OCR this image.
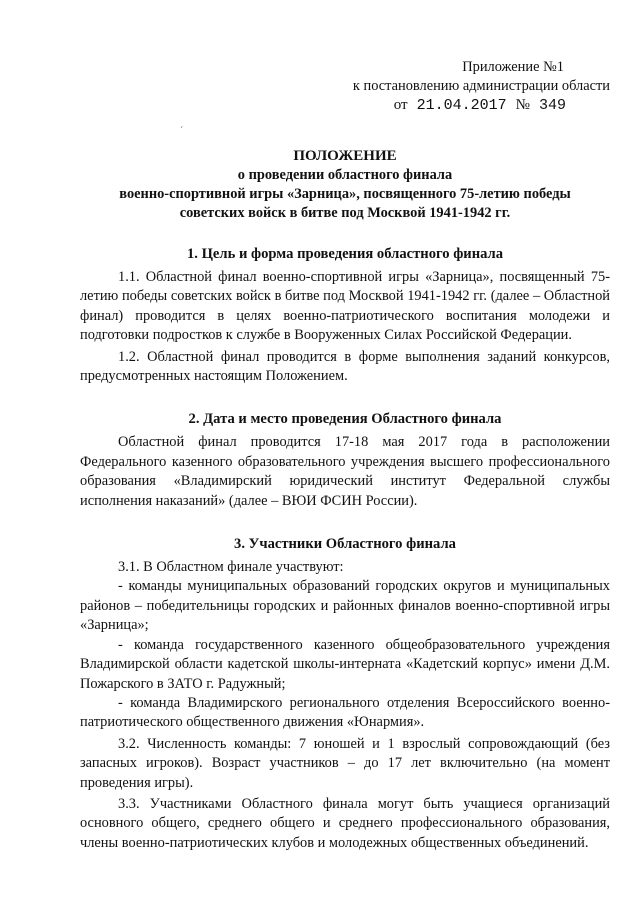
Приложение №1
к постановлению администрации области
от 21.04.2017 № 349
ˊ
ПОЛОЖЕНИЕ
о проведении областного финала
военно-спортивной игры «Зарница», посвященного 75-летию победы
советских войск в битве под Москвой 1941-1942 гг.
1. Цель и форма проведения областного финала

1.1. Областной финал военно-спортивной игры «Зарница», посвященный 75-летию победы советских войск в битве под Москвой 1941-1942 гг. (далее – Областной финал) проводится в целях военно-патриотического воспитания молодежи и подготовки подростков к службе в Вооруженных Силах Российской Федерации.

1.2. Областной финал проводится в форме выполнения заданий конкурсов, предусмотренных настоящим Положением.

2. Дата и место проведения Областного финала

Областной финал проводится 17-18 мая 2017 года в расположении Федерального казенного образовательного учреждения высшего профессионального образования «Владимирский юридический институт Федеральной службы исполнения наказаний» (далее – ВЮИ ФСИН России).

3. Участники Областного финала

3.1. В Областном финале участвуют:

- команды муниципальных образований городских округов и муниципальных районов – победительницы городских и районных финалов военно-спортивной игры «Зарница»;

- команда государственного казенного общеобразовательного учреждения Владимирской области кадетской школы-интерната «Кадетский корпус» имени Д.М. Пожарского в ЗАТО г. Радужный;

- команда Владимирского регионального отделения Всероссийского военно-патриотического общественного движения «Юнармия».

3.2. Численность команды: 7 юношей и 1 взрослый сопровождающий (без запасных игроков). Возраст участников – до 17 лет включительно (на момент проведения игры).

3.3. Участниками Областного финала могут быть учащиеся организаций основного общего, среднего общего и среднего профессионального образования, члены военно-патриотических клубов и молодежных общественных объединений.
